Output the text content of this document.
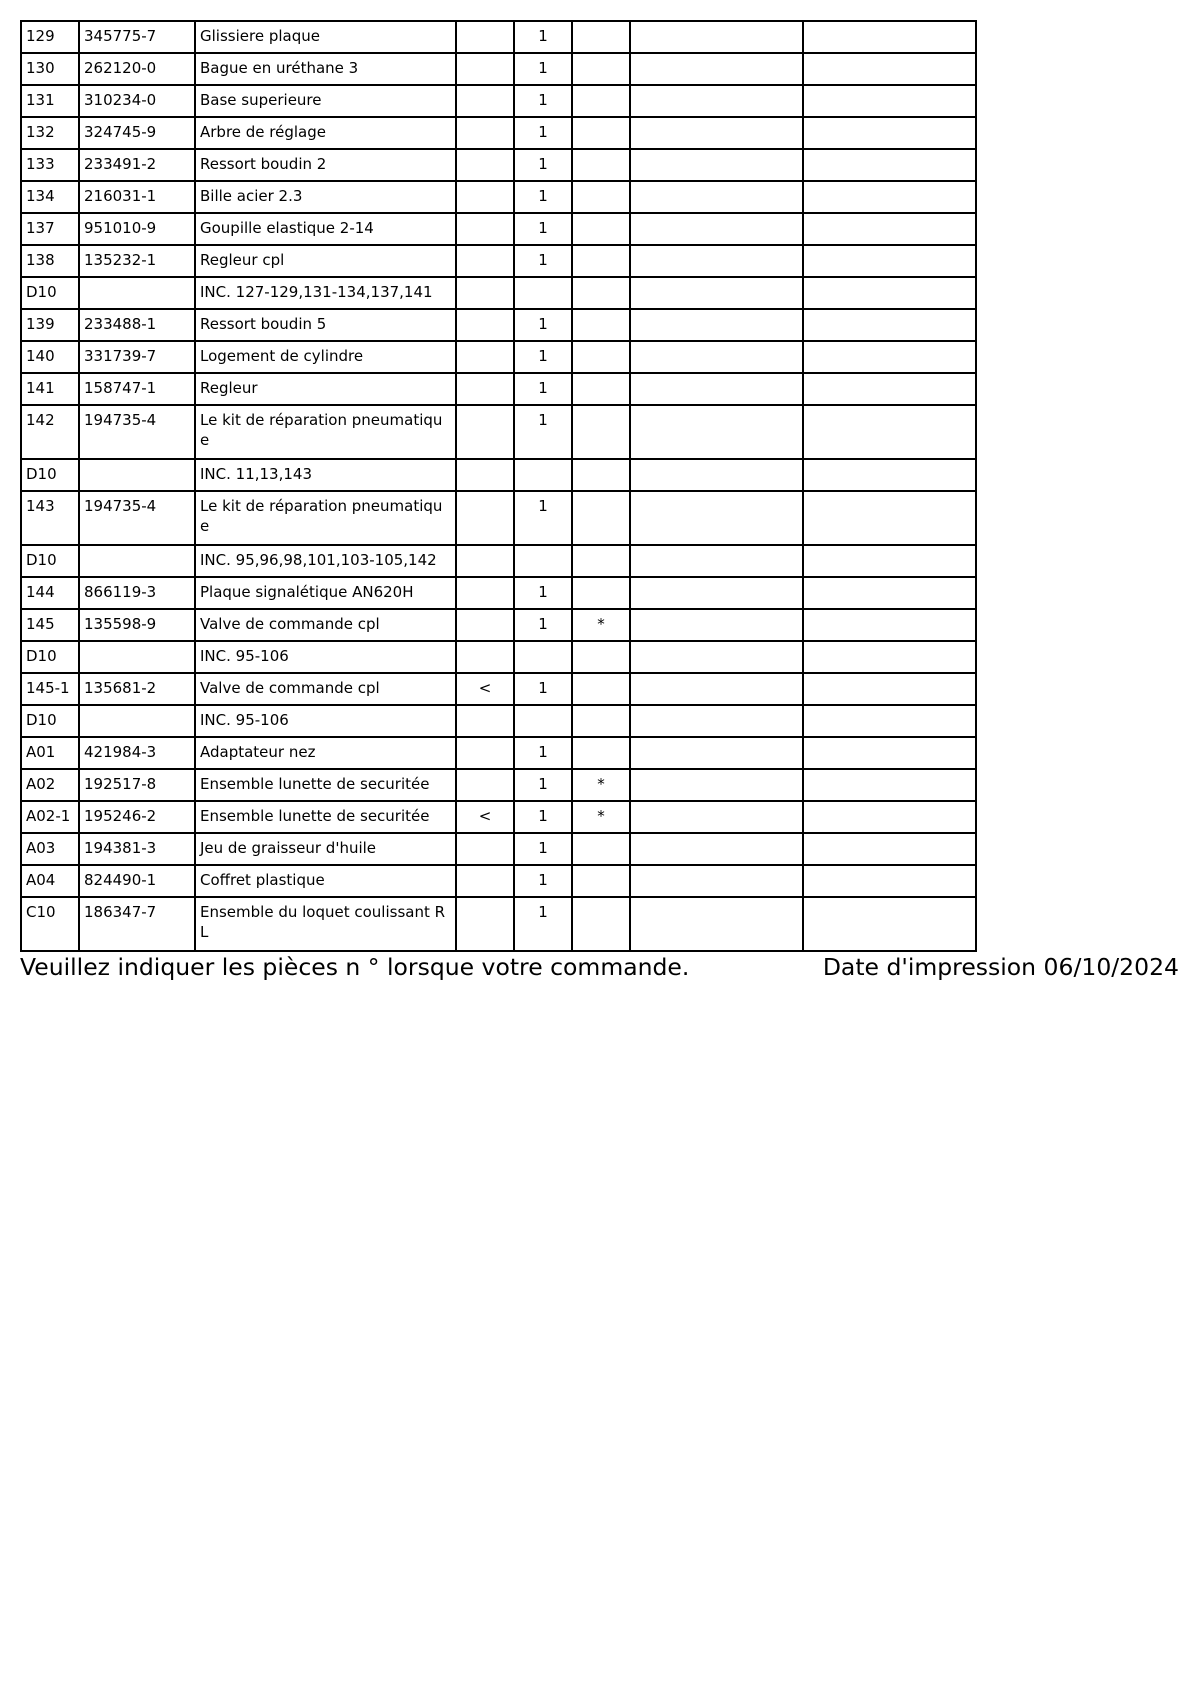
129	345775-7	Glissiere plaque		1			
130	262120-0	Bague en uréthane 3		1			
131	310234-0	Base superieure		1			
132	324745-9	Arbre de réglage		1			
133	233491-2	Ressort boudin 2		1			
134	216031-1	Bille acier 2.3		1			
137	951010-9	Goupille elastique 2-14		1			
138	135232-1	Regleur cpl		1			
D10		INC. 127-129,131-134,137,141					
139	233488-1	Ressort boudin 5		1			
140	331739-7	Logement de cylindre		1			
141	158747-1	Regleur		1			
142	194735-4	Le kit de réparation pneumatique		1			
D10		INC. 11,13,143					
143	194735-4	Le kit de réparation pneumatique		1			
D10		INC. 95,96,98,101,103-105,142					
144	866119-3	Plaque signalétique AN620H		1			
145	135598-9	Valve de commande cpl		1	*		
D10		INC. 95-106					
145-1	135681-2	Valve de commande cpl	<	1			
D10		INC. 95-106					
A01	421984-3	Adaptateur nez		1			
A02	192517-8	Ensemble lunette de securitée		1	*		
A02-1	195246-2	Ensemble lunette de securitée	<	1	*		
A03	194381-3	Jeu de graisseur d'huile		1			
A04	824490-1	Coffret plastique		1			
C10	186347-7	Ensemble du loquet coulissant R L		1			
Veuillez indiquer les pièces n ° lorsque votre commande.	Date d'impression 06/10/2024
